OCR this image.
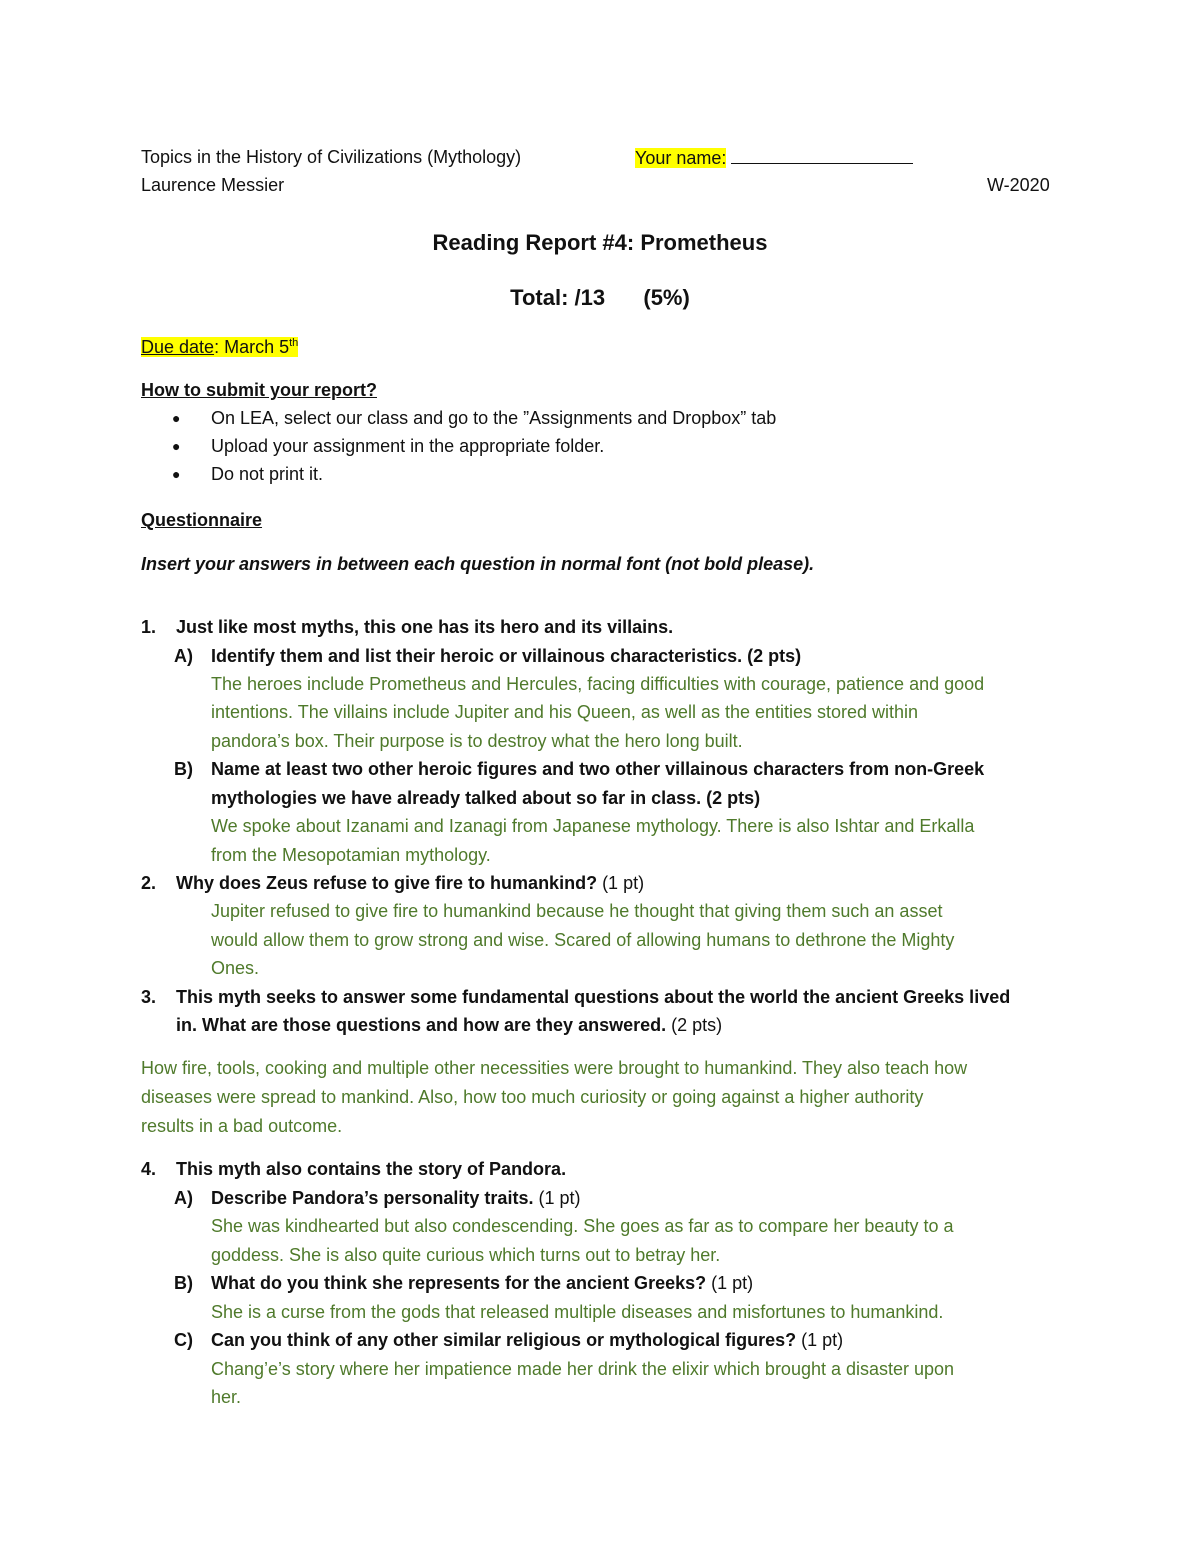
Topics in the History of Civilizations (Mythology)	Your name:
Laurence Messier	W-2020
Reading Report #4: Prometheus
Total: /13 (5%)
Due date: March 5th
How to submit your report?
● On LEA, select our class and go to the ”Assignments and Dropbox” tab
● Upload your assignment in the appropriate folder.
● Do not print it.
Questionnaire
Insert your answers in between each question in normal font (not bold please).
1. Just like most myths, this one has its hero and its villains.
A) Identify them and list their heroic or villainous characteristics. (2 pts)
The heroes include Prometheus and Hercules, facing difficulties with courage, patience and good
intentions. The villains include Jupiter and his Queen, as well as the entities stored within
pandora’s box. Their purpose is to destroy what the hero long built.
B) Name at least two other heroic figures and two other villainous characters from non-Greek
mythologies we have already talked about so far in class. (2 pts)
We spoke about Izanami and Izanagi from Japanese mythology. There is also Ishtar and Erkalla
from the Mesopotamian mythology.
2. Why does Zeus refuse to give fire to humankind? (1 pt)
Jupiter refused to give fire to humankind because he thought that giving them such an asset
would allow them to grow strong and wise. Scared of allowing humans to dethrone the Mighty
Ones.
3. This myth seeks to answer some fundamental questions about the world the ancient Greeks lived
in. What are those questions and how are they answered. (2 pts)
How fire, tools, cooking and multiple other necessities were brought to humankind. They also teach how
diseases were spread to mankind. Also, how too much curiosity or going against a higher authority
results in a bad outcome.
4. This myth also contains the story of Pandora.
A) Describe Pandora’s personality traits. (1 pt)
She was kindhearted but also condescending. She goes as far as to compare her beauty to a
goddess. She is also quite curious which turns out to betray her.
B) What do you think she represents for the ancient Greeks? (1 pt)
She is a curse from the gods that released multiple diseases and misfortunes to humankind.
C) Can you think of any other similar religious or mythological figures? (1 pt)
Chang’e’s story where her impatience made her drink the elixir which brought a disaster upon
her.
